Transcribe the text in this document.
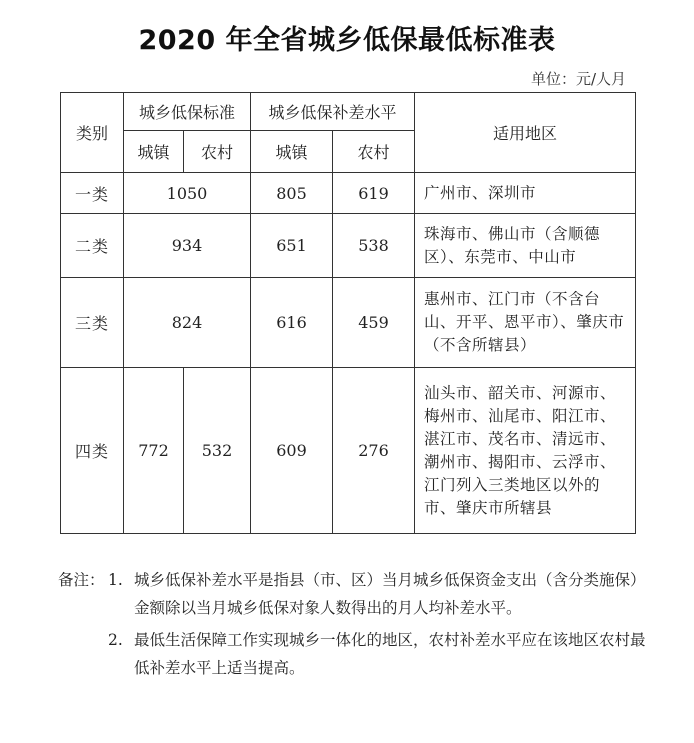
2020 年全省城乡低保最低标准表
单位：元/人月
类别	城乡低保标准		城乡低保补差水平		适用地区
	城镇	农村	城镇	农村	
一类	1050		805	619	广州市、深圳市
二类	934		651	538	珠海市、佛山市（含顺德区）、东莞市、中山市
三类	824		616	459	惠州市、江门市（不含台山、开平、恩平市）、肇庆市（不含所辖县）
四类	772	532	609	276	汕头市、韶关市、河源市、梅州市、汕尾市、阳江市、湛江市、茂名市、清远市、潮州市、揭阳市、云浮市、江门列入三类地区以外的市、肇庆市所辖县
备注： 1. 城乡低保补差水平是指县（市、区）当月城乡低保资金支出（含分类施保）金额除以当月城乡低保对象人数得出的月人均补差水平。
2. 最低生活保障工作实现城乡一体化的地区，农村补差水平应在该地区农村最低补差水平上适当提高。
